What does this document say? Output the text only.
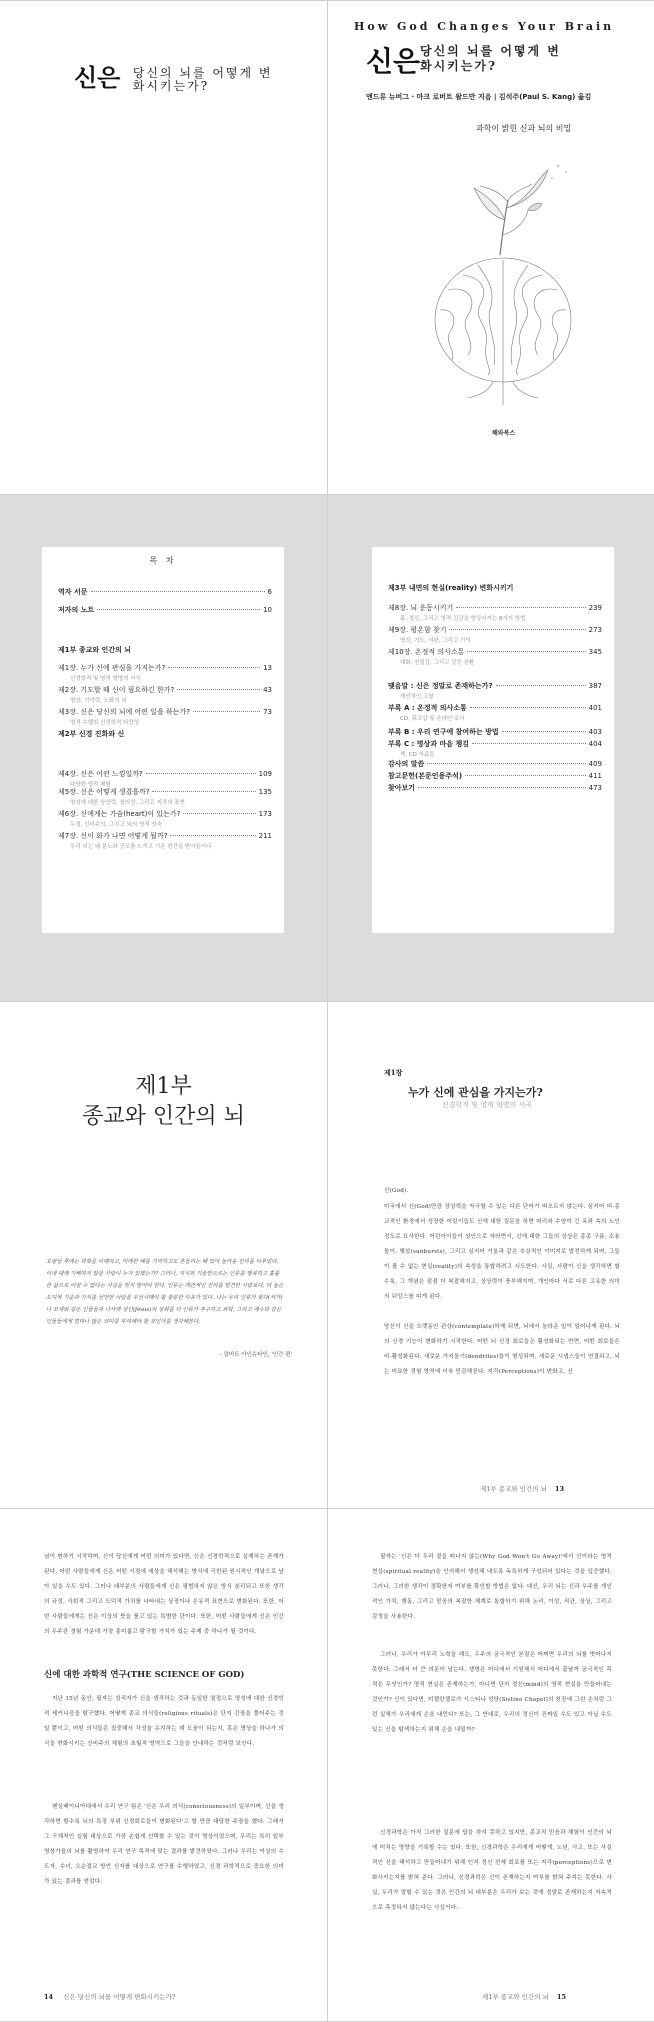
신은 당신의 뇌를 어떻게 변화시키는가?
How God Changes Your Brain
신은 당신의 뇌를 어떻게 변화시키는가?
앤드류 뉴버그 · 마크 로버트 왈드만 지음 | 김석주(Paul S. Kang) 옮김
과학이 밝힌 신과 뇌의 비밀
해와북스
목 차
역자 서문	6
저자의 노트	10
제1부 종교와 인간의 뇌
제1장. 누가 신에 관심을 가지는가?	13
신경학적 및 영적 혁명의 서곡
제2장. 기도할 때 신이 필요하긴 한가?	43
명상, 기억력, 노화의 뇌
제3장. 신은 당신의 뇌에 어떤 일을 하는가?	73
영적 수행의 신경학적 다양성
제2부 신경 진화와 신
제4장. 신은 어떤 느낌일까?	109
다양한 영적 체험
제5장. 신은 어떻게 생겼을까?	135
영성에 대한 상상력, 창의성, 그리고 지각의 표현
제6장. 신에게는 가슴(heart)이 있는가?	173
두정, 신비주의, 그리고 뇌의 영적 성숙
제7장. 신이 화가 나면 어떻게 될까?	211
우리 뇌는 왜 분노와 공포를 느끼고 기존 편견을 받아들이나
제3부 내면의 현실(reality) 변화시키기
제8장. 뇌 운동시키기	239
몸, 정신, 그리고 영적 건강을 향상시키는 8가지 방법
제9장. 평온함 찾기	273
명상, 기도, 이완, 그리고 기억
제10장. 온정적 의사소통	345
대화, 친밀감, 그리고 갈등 전환
맺음말 : 신은 정말로 존재하는가?	387
개인적인 고찰
부록 A : 온정적 의사소통	401
CD, 워크샵 및 온라인 조사
부록 B : 우리 연구에 참여하는 방법	403
부록 C : 명상과 마음 챙김	404
책, CD 자료들
감사의 말씀	409
참고문헌(본문인용주석)	411
찾아보기	473
제1부
종교와 인간의 뇌
호랑날 후에는 과학을 이해하고, 미래한 때를 기억하고도 흔들리는 때 있어 놀라운 진리를 이루었다. 이에 대해 기뻐하지 않을 사람이 누가 있겠는가? 그러나, 지식과 기술만으로는 인류를 행복하고 훌륭한 삶으로 이끌 수 없다는 사실을 잊지 말아야 한다. 인류는 객관적인 진리를 발견한 사람보다, 더 높은 도덕적 기준과 가치를 선언한 사람을 우선시해야 할 충분한 이유가 있다. 나는 우리 인류가 붓다(석가)나 모세와 같은 인물들과 나사렛 성인(Jesus)의 성취를 더 인류가 추구하고 과학, 그리고 예수와 같은 인물들에게 얼마나 많은 의미를 부여해야 할 것인가를 생각해본다.
- 알버트 아인슈타인, '인간 편'
제1장
누가 신에 관심을 가지는가?
신경학적 및 영적 혁명의 서곡
신(God).
미국에서 신(God)만큼 상상력을 자극할 수 있는 다른 단어가 떠오르지 않는다. 심지어 비-종교적인 환경에서 성장한 어린이들도 신에 대한 질문을 하면 머리와 수염이 긴 옥좌 속의 노인 정도로 묘사한다. 어린아이들이 성인으로 자라면서, 신에 대한 그들의 상상은 종종 구름, 소용돌이, 햇살(sunbursts), 그리고 심지어 거울과 같은 추상적인 이미지로 발전하게 되며, 그들이 볼 수 없는 현실(reality)의 속성을 통합하려고 시도한다. 사실, 사람이 신을 생각하면 할수록, 그 개념은 점점 더 복잡해지고, 상상력이 풍부해지며, 개인마다 서로 다른 고유한 의미의 뉘앙스를 띠게 된다.

당신이 신을 오랫동안 관상(contemplate)하게 되면, 뇌에서 놀라운 일이 일어나게 된다. 뇌의 신경 기능이 변화하기 시작한다. 어떤 뇌 신경 회로들은 활성화되는 반면, 어떤 회로들은 비-활성화된다. 새로운 가지돌기(dendrites)들이 형성되며, 새로운 시냅스들이 연결되고, 뇌는 미묘한 경험 영역에 더욱 민감해진다. 지각(Perceptions)이 변화고, 신
제1부 종교와 인간의 뇌 13
념이 변하기 시작하며, 신이 당신에게 어떤 의미가 있다면, 신은 신경학적으로 실재하는 존재가 된다. 어떤 사람들에게 신은 어떤 시점에 세상을 해석해는 방식에 극한된 원시적인 개념으로 남아 있을 수도 있다. 그러나 대부분의 사람들에게 신은 평범하지 않은 방식 분리되고 또한 생각의 규정, 사회적 그리고 도덕적 가치를 나타내는 상징이나 은유적 표현으로 변화된다. 또한, 어떤 사람들에게는 신은 이상의 뜻을 품고 있는 특별한 단이다. 또한, 어떤 사람들에게 신은 인간의 우주관 경험 가운데 가장 흥미롭고 탐구할 가치가 있는 주제 중 하나가 될 것이다.
신에 대한 과학적 연구(THE SCIENCE OF GOD)
지난 15년 동안, 필자는 성직자가 신을 생각하는 것과 동일한 열정으로 영성에 대한 신경학적 세커니즘을 탐구했다. 어떻게 종교 의식들(religious rituals)은 단지 긴장을 풀어주는 것일 뿐이고, 어떤 의식들은 집중해서 각성을 유지하는 데 도움이 되는지, 혹은 명상을 하나가 의식을 변화시키는 신비주의 체험의 초월적 영역으로 그들을 안내하는 것처럼 보인다.
펜실베이니아대에서 우리 연구 팀은 '신은 우리 의식(consciousness)의 일부이며, 신을 생각하면 할수록 뇌의 특정 부위 신경회로들이 변화된다'고 할 만큼 대담한 주장을 했다. 그래서 그 구체적인 실험 대상으로 가장 손쉽게 선택할 수 있는 것이 명상이었으며, 우리는 특히 일부 명상가들의 뇌를 촬영하여 우리 연구 목적에 맞는 결과를 발견하였다. 그러나 우리는 이상의 수도자, 수녀, 오순절교 방언 신자를 대상으로 연구를 수행하였고, 신경 과학적으로 중요한 의미가 있는 결과를 얻었다.
14 신은 당신의 뇌를 어떻게 변화시키는가?
필자는 '신은 더 우리 곁을 떠나지 않는(Why God Won't Go Away)'에서 신이라는 영적 현실(spiritual reality)을 인지해서 생성해 내도록 독특하게 구성되어 있다는 것을 입증했다. 그러나, 그러한 생각이 정확한지 여부를 확인할 방법은 없다. 대신, 우리 뇌는 신과 우주를 개인적인 가치, 행동, 그리고 믿음의 복잡한 체계로 통합하기 위해 논리, 이성, 직관, 상상, 그리고 감정을 사용한다.
그러나, 우리가 아무리 노력을 해도, 우주의 궁극적인 본질은 어쩌면 우리의 뇌를 벗어나지 못한다. 그래서 더 큰 의문이 남는다. 생명은 어디에서 기원해서 어디에서 끝날까 궁극적인 목적은 무엇인가? 영적 현실은 존재하는가, 아니면 단지 정신(mind)의 영적 현실을 만들어내는 것인가? 신이 있다면, 미켈란젤로가 시스티나 성당(Sistine Chapel)의 천장에 그린 손처럼 그런 실체가 우리에게 손을 내민다? 또는, 그 반대로, 우리의 정신이 진짜일 수도 있고 아닐 수도 있는 신을 탐색하는지 위해 손을 내밀까?
신경과학은 아직 그러한 질문에 답을 하지 못하고 있지만, 종교적 믿음과 체험이 인간의 뇌에 미치는 영향을 기록할 수는 있다. 또한, 신경과학은 우리에게 어떻게, 노년, 사고, 또는 사실적인 신을 해석하고 만들어내기 위해 인지 정신 전체 회로를 또는 지각(perceptions)으로 변화시키는지를 밝혀 준다. 그러나, 신경과학은 신이 존재하는지 여부를 밝혀 주지는 못한다. 사실, 우리가 말할 수 있는 것은 인간의 뇌 대부분은 우리가 보는 것에 정말로 존재하는지 지속적으로 측정하지 않는다는 사실이다.
제1부 종교와 인간의 뇌 15
